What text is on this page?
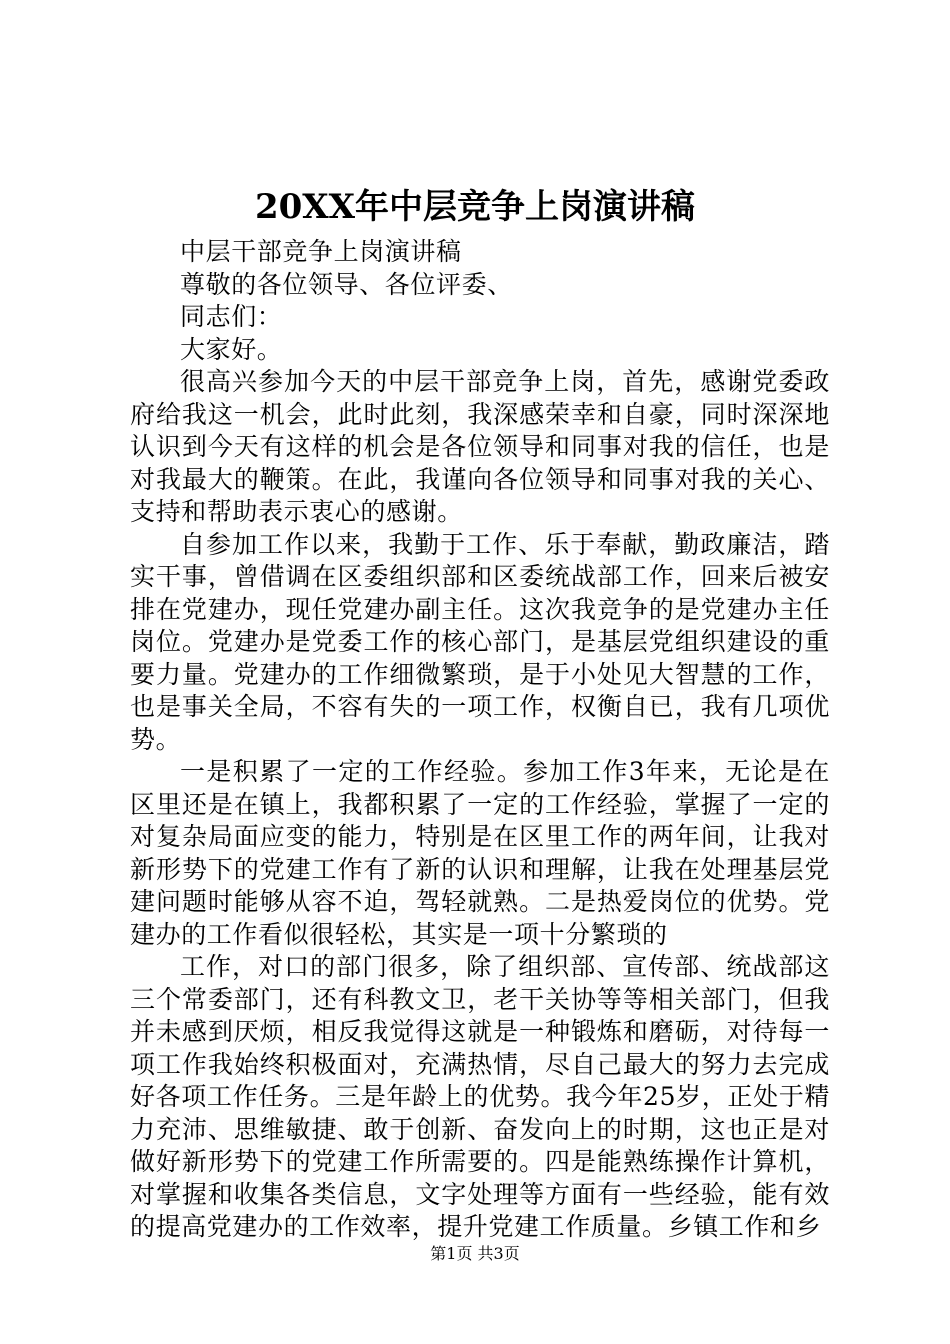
20XX年中层竞争上岗演讲稿

中层干部竞争上岗演讲稿

尊敬的各位领导、各位评委、

同志们：

大家好。

很高兴参加今天的中层干部竞争上岗，首先，感谢党委政府给我这一机会，此时此刻，我深感荣幸和自豪，同时深深地认识到今天有这样的机会是各位领导和同事对我的信任，也是对我最大的鞭策。在此，我谨向各位领导和同事对我的关心、支持和帮助表示衷心的感谢。

自参加工作以来，我勤于工作、乐于奉献，勤政廉洁，踏实干事，曾借调在区委组织部和区委统战部工作，回来后被安排在党建办，现任党建办副主任。这次我竞争的是党建办主任岗位。党建办是党委工作的核心部门，是基层党组织建设的重要力量。党建办的工作细微繁琐，是于小处见大智慧的工作，也是事关全局，不容有失的一项工作，权衡自已，我有几项优势。

一是积累了一定的工作经验。参加工作3年来，无论是在区里还是在镇上，我都积累了一定的工作经验，掌握了一定的对复杂局面应变的能力，特别是在区里工作的两年间，让我对新形势下的党建工作有了新的认识和理解，让我在处理基层党建问题时能够从容不迫，驾轻就熟。二是热爱岗位的优势。党建办的工作看似很轻松，其实是一项十分繁琐的

工作，对口的部门很多，除了组织部、宣传部、统战部这三个常委部门，还有科教文卫，老干关协等等相关部门，但我并未感到厌烦，相反我觉得这就是一种锻炼和磨砺，对待每一项工作我始终积极面对，充满热情，尽自己最大的努力去完成好各项工作任务。三是年龄上的优势。我今年25岁，正处于精力充沛、思维敏捷、敢于创新、奋发向上的时期，这也正是对做好新形势下的党建工作所需要的。四是能熟练操作计算机，对掌握和收集各类信息，文字处理等方面有一些经验，能有效的提高党建办的工作效率，提升党建工作质量。乡镇工作和乡

第1页 共3页
